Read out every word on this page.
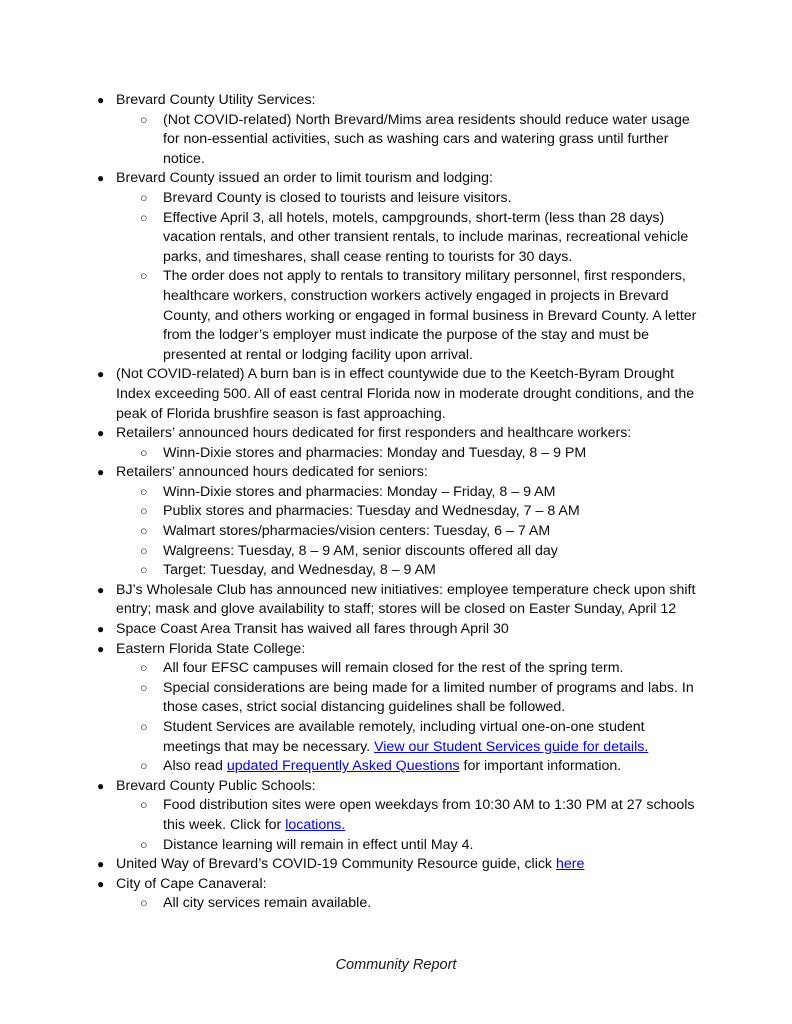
● Brevard County Utility Services:
○	(Not COVID-related) North Brevard/Mims area residents should reduce water usage for non-essential activities, such as washing cars and watering grass until further notice.
● Brevard County issued an order to limit tourism and lodging:
○	Brevard County is closed to tourists and leisure visitors.
○	Effective April 3, all hotels, motels, campgrounds, short-term (less than 28 days) vacation rentals, and other transient rentals, to include marinas, recreational vehicle parks, and timeshares, shall cease renting to tourists for 30 days.
○	The order does not apply to rentals to transitory military personnel, first responders, healthcare workers, construction workers actively engaged in projects in Brevard County, and others working or engaged in formal business in Brevard County. A letter from the lodger’s employer must indicate the purpose of the stay and must be presented at rental or lodging facility upon arrival.
● (Not COVID-related) A burn ban is in effect countywide due to the Keetch-Byram Drought Index exceeding 500. All of east central Florida now in moderate drought conditions, and the peak of Florida brushfire season is fast approaching.
● Retailers’ announced hours dedicated for first responders and healthcare workers:
○	Winn-Dixie stores and pharmacies: Monday and Tuesday, 8 – 9 PM
● Retailers’ announced hours dedicated for seniors:
○	Winn-Dixie stores and pharmacies: Monday – Friday, 8 – 9 AM
○	Publix stores and pharmacies: Tuesday and Wednesday, 7 – 8 AM
○	Walmart stores/pharmacies/vision centers: Tuesday, 6 – 7 AM
○	Walgreens: Tuesday, 8 – 9 AM, senior discounts offered all day
○	Target: Tuesday, and Wednesday, 8 – 9 AM
● BJ’s Wholesale Club has announced new initiatives: employee temperature check upon shift entry; mask and glove availability to staff; stores will be closed on Easter Sunday, April 12
● Space Coast Area Transit has waived all fares through April 30
● Eastern Florida State College:
○	All four EFSC campuses will remain closed for the rest of the spring term.
○	Special considerations are being made for a limited number of programs and labs. In those cases, strict social distancing guidelines shall be followed.
○	Student Services are available remotely, including virtual one-on-one student meetings that may be necessary. View our Student Services guide for details.
○	Also read updated Frequently Asked Questions for important information.
● Brevard County Public Schools:
○	Food distribution sites were open weekdays from 10:30 AM to 1:30 PM at 27 schools this week. Click for locations.
○	Distance learning will remain in effect until May 4.
● United Way of Brevard’s COVID-19 Community Resource guide, click here
● City of Cape Canaveral:
○	All city services remain available.
Community Report
